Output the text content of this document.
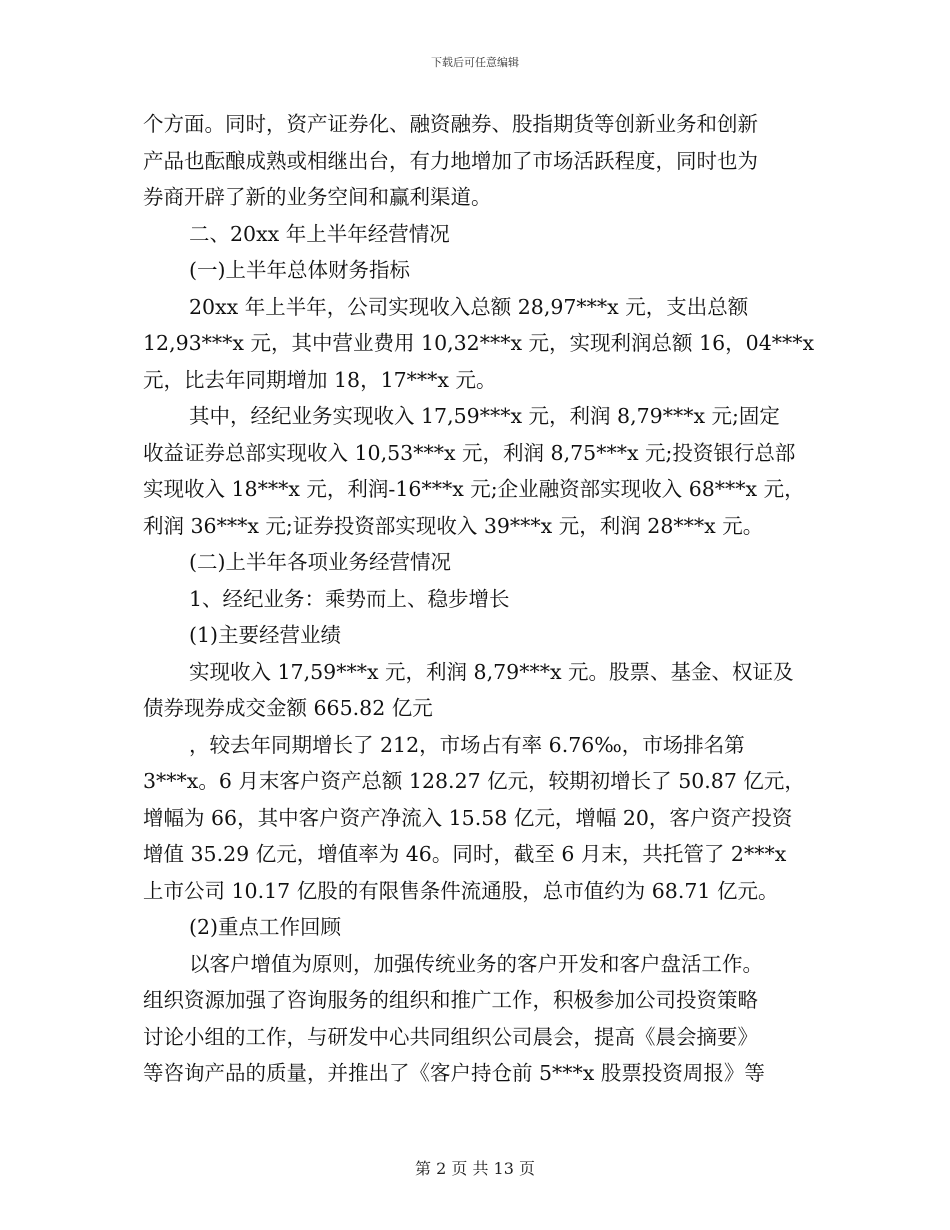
下载后可任意编辑
个方面。同时，资产证券化、融资融券、股指期货等创新业务和创新
产品也酝酿成熟或相继出台，有力地增加了市场活跃程度，同时也为
券商开辟了新的业务空间和赢利渠道。
二、20xx 年上半年经营情况
(一)上半年总体财务指标
20xx 年上半年，公司实现收入总额 28,97***x 元，支出总额
12,93***x 元，其中营业费用 10,32***x 元，实现利润总额 16，04***x
元，比去年同期增加 18，17***x 元。
其中，经纪业务实现收入 17,59***x 元，利润 8,79***x 元;固定
收益证券总部实现收入 10,53***x 元，利润 8,75***x 元;投资银行总部
实现收入 18***x 元，利润-16***x 元;企业融资部实现收入 68***x 元，
利润 36***x 元;证券投资部实现收入 39***x 元，利润 28***x 元。
(二)上半年各项业务经营情况
1、经纪业务：乘势而上、稳步增长
(1)主要经营业绩
实现收入 17,59***x 元，利润 8,79***x 元。股票、基金、权证及
债券现券成交金额 665.82 亿元
，较去年同期增长了 212，市场占有率 6.76‰，市场排名第
3***x。6 月末客户资产总额 128.27 亿元，较期初增长了 50.87 亿元，
增幅为 66，其中客户资产净流入 15.58 亿元，增幅 20，客户资产投资
增值 35.29 亿元，增值率为 46。同时，截至 6 月末，共托管了 2***x
上市公司 10.17 亿股的有限售条件流通股，总市值约为 68.71 亿元。
(2)重点工作回顾
以客户增值为原则，加强传统业务的客户开发和客户盘活工作。
组织资源加强了咨询服务的组织和推广工作，积极参加公司投资策略
讨论小组的工作，与研发中心共同组织公司晨会，提高《晨会摘要》
等咨询产品的质量，并推出了《客户持仓前 5***x 股票投资周报》等
第 2 页 共 13 页
